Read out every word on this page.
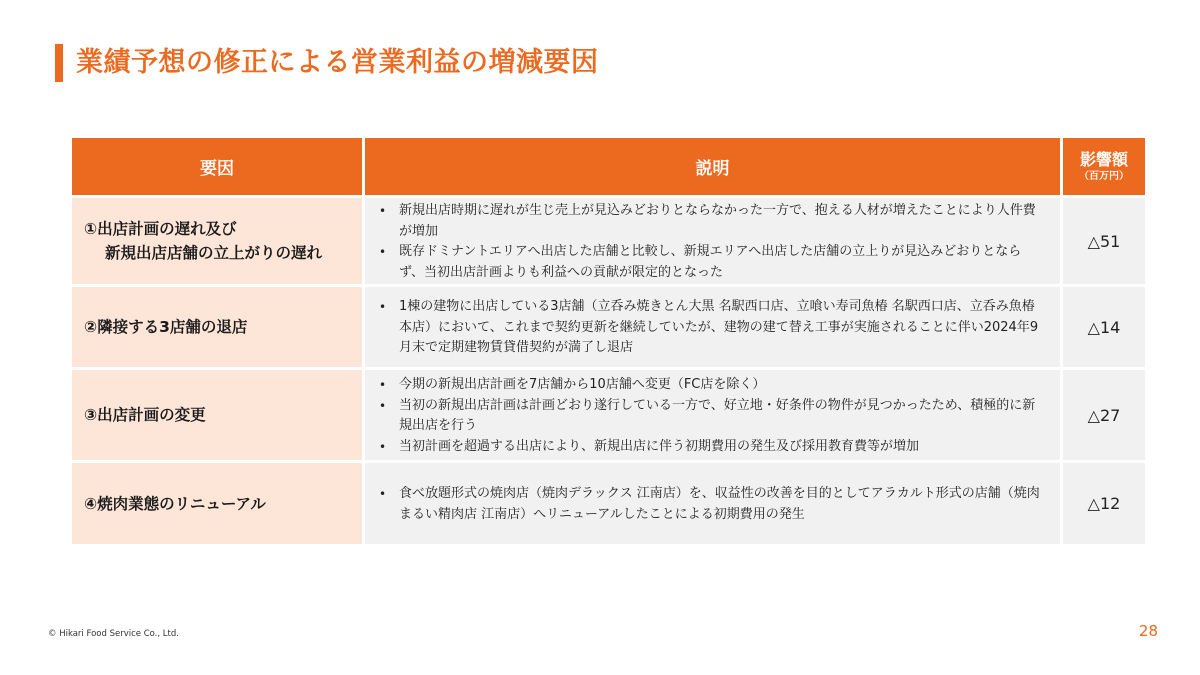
業績予想の修正による営業利益の増減要因
要因	説明	影響額
（百万円）
①出店計画の遅れ及び
新規出店店舗の立上がりの遅れ
• 新規出店時期に遅れが生じ売上が見込みどおりとならなかった一方で、抱える人材が増えたことにより人件費が増加
• 既存ドミナントエリアへ出店した店舗と比較し、新規エリアへ出店した店舗の立上りが見込みどおりとならず、当初出店計画よりも利益への貢献が限定的となった
△51
②隣接する3店舗の退店
• 1棟の建物に出店している3店舗（立呑み焼きとん大黒 名駅西口店、立喰い寿司魚椿 名駅西口店、立呑み魚椿 本店）において、これまで契約更新を継続していたが、建物の建て替え工事が実施されることに伴い2024年9月末で定期建物賃貸借契約が満了し退店
△14
③出店計画の変更
• 今期の新規出店計画を7店舗から10店舗へ変更（FC店を除く）
• 当初の新規出店計画は計画どおり遂行している一方で、好立地・好条件の物件が見つかったため、積極的に新規出店を行う
• 当初計画を超過する出店により、新規出店に伴う初期費用の発生及び採用教育費等が増加
△27
④焼肉業態のリニューアル
• 食べ放題形式の焼肉店（焼肉デラックス 江南店）を、収益性の改善を目的としてアラカルト形式の店舗（焼肉まるい精肉店 江南店）へリニューアルしたことによる初期費用の発生
△12
© Hikari Food Service Co., Ltd.	28
